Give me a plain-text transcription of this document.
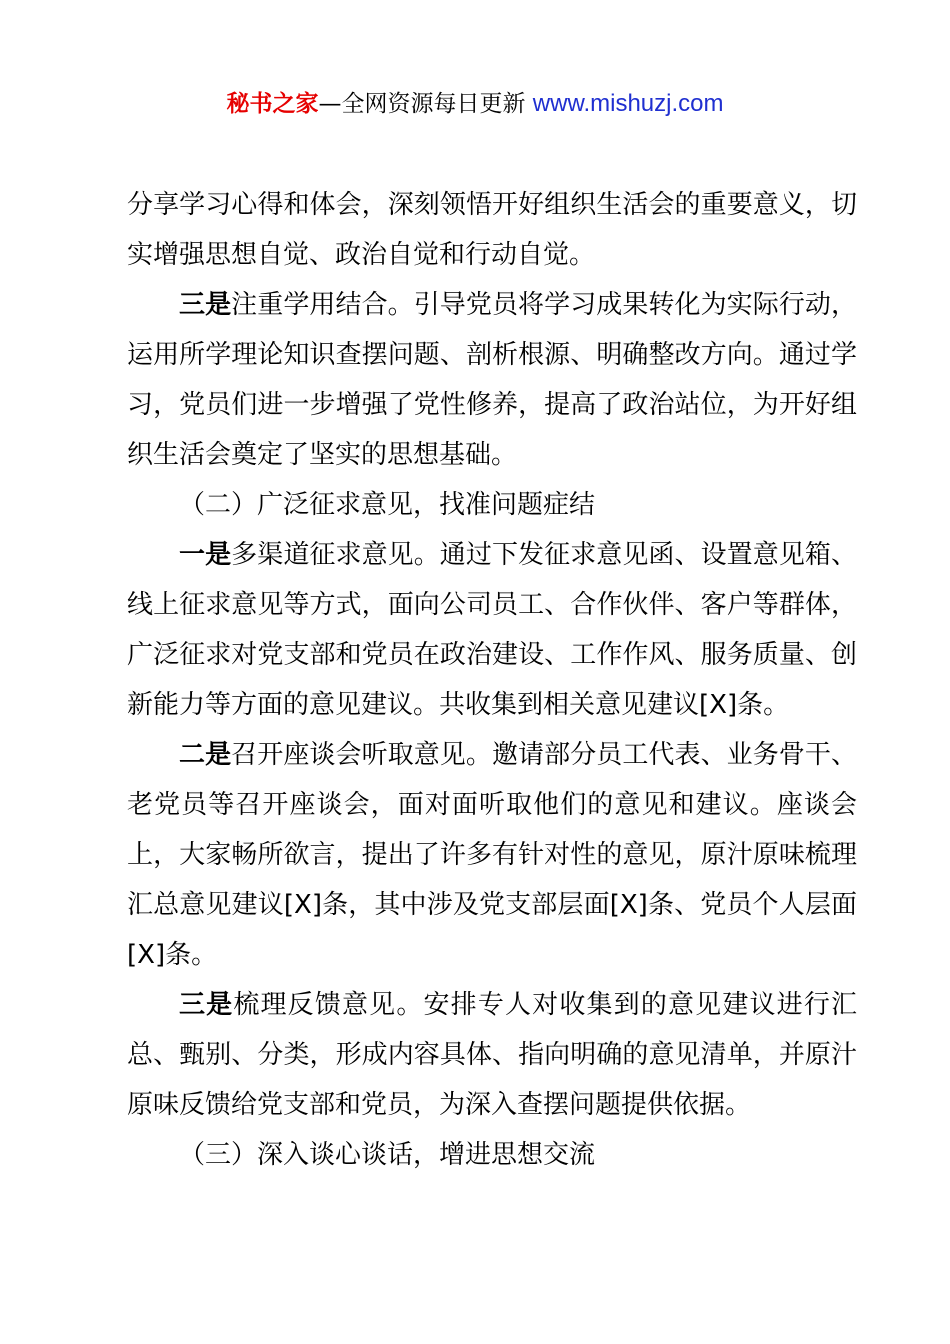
秘书之家—全网资源每日更新 www.mishuzj.com

分享学习心得和体会，深刻领悟开好组织生活会的重要意义，切实增强思想自觉、政治自觉和行动自觉。

三是注重学用结合。引导党员将学习成果转化为实际行动，运用所学理论知识查摆问题、剖析根源、明确整改方向。通过学习，党员们进一步增强了党性修养，提高了政治站位，为开好组织生活会奠定了坚实的思想基础。

（二）广泛征求意见，找准问题症结

一是多渠道征求意见。通过下发征求意见函、设置意见箱、线上征求意见等方式，面向公司员工、合作伙伴、客户等群体，广泛征求对党支部和党员在政治建设、工作作风、服务质量、创新能力等方面的意见建议。共收集到相关意见建议[X]条。

二是召开座谈会听取意见。邀请部分员工代表、业务骨干、老党员等召开座谈会，面对面听取他们的意见和建议。座谈会上，大家畅所欲言，提出了许多有针对性的意见，原汁原味梳理汇总意见建议[X]条，其中涉及党支部层面[X]条、党员个人层面[X]条。

三是梳理反馈意见。安排专人对收集到的意见建议进行汇总、甄别、分类，形成内容具体、指向明确的意见清单，并原汁原味反馈给党支部和党员，为深入查摆问题提供依据。

（三）深入谈心谈话，增进思想交流
